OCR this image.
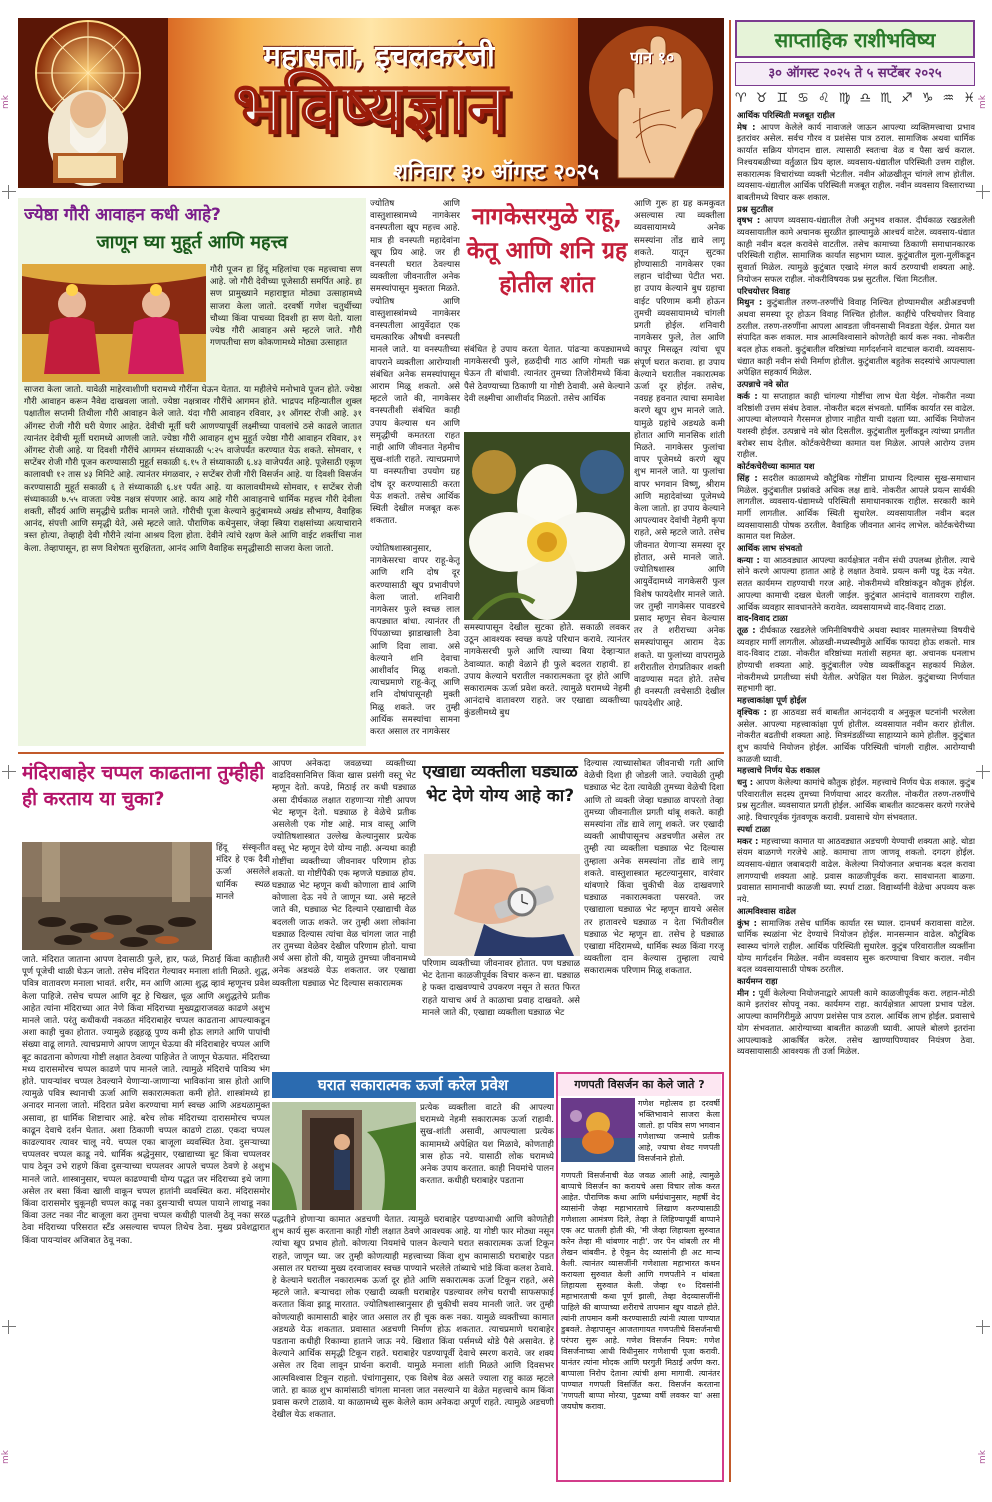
mk	mk
mk	mk
महासत्ता, इचलकरंजी	पान १०
भविष्यज्ञान
शनिवार ३० ऑगस्ट २०२५
साप्ताहिक राशीभविष्य
३० ऑगस्ट २०२५ ते ५ सप्टेंबर २०२५
♈ ♉ ♊ ♋ ♌ ♍ ♎ ♏ ♐ ♑ ♒ ♓
आर्थिक परिस्थिती मजबूत राहील
मेष : आपण केलेले कार्य नावाजले जाऊन आपल्या व्यक्तिमत्त्वाचा प्रभाव इतरांवर असेल. सर्वच गौरव व प्रशंसेस पात्र ठराल. सामाजिक अथवा धार्मिक कार्यात सक्रिय योगदान द्याल. त्यासाठी स्वतःचा वेळ व पैसा खर्च कराल. निश्चयबळीच्या वर्तुळात प्रिय व्हाल. व्यवसाय-धंद्यातील परिस्थिती उत्तम राहील. सकारात्मक विचारांच्या व्यक्ती भेटतील. नवीन ओळखीतून चांगले लाभ होतील. व्यवसाय-धंद्यातील आर्थिक परिस्थिती मजबूत राहील. नवीन व्यवसाय विस्ताराच्या बाबतीमध्ये विचार करू शकाल.
प्रश्न सुटतील
वृषभ : आपण व्यवसाय-धंद्यातील तेजी अनुभव शकाल. दीर्घकाळ रखडलेली व्यवसायातील कामे अचानक सुरळीत झाल्यामुळे आश्चर्य वाटेल. व्यवसाय-धंद्यात काही नवीन बदल करावेसे वाटतील. तसेच कामाच्या ठिकाणी समाधानकारक परिस्थिती राहील. सामाजिक कार्यात सहभाग घ्याल. कुटुंबातील मुला-मुलींकडून सुवार्ता मिळेल. त्यामुळे कुटुंबात एखादे मंगल कार्य ठरण्याची शक्यता आहे. नियोजन सफल राहील. नोकरीविषयक प्रश्न सुटतील. चिंता मिटतील.
परिचयोत्तर विवाह
मिथुन : कुटुंबातील तरुण-तरुणींचे विवाह निश्चित होण्यामधील अडीअडचणी अथवा समस्या दूर होऊन विवाह निश्चित होतील. काहींचे परिचयोत्तर विवाह ठरतील. तरुण-तरुणींना आपला आवडता जीवनसाथी निवडता येईल. प्रेमात यश संपादित करू शकाल. मात्र आत्मविश्वासाने कोणतेही कार्य करू नका. नोकरीत बदल होऊ शकतो. कुटुंबातील वरिष्ठांच्या मार्गदर्शनाने वाटचाल करावी. व्यवसाय-धंद्यात काही नवीन संधी निर्माण होतील. कुटुंबातील बहुतेक सदस्यांचे आपल्याला अपेक्षित सहकार्य मिळेल.
उत्पन्नाचे नवे स्रोत
कर्क : या सप्ताहात काही चांगल्या गोष्टींचा लाभ घेता येईल. नोकरीत नव्या वरिष्ठांशी उत्तम संबंध ठेवाल. नोकरीत बदल संभवतो. धार्मिक कार्यात रस वाढेल. आपल्या बोलण्याने गैरसमज होणार नाहीत याची दक्षता घ्या. आर्थिक नियोजन यशस्वी होईल. उत्पन्नाचे नवे स्रोत दिसतील. कुटुंबातील मुलींकडून त्यांच्या प्रगतीत बरोबर साथ देतील. कोर्टकचेरीच्या कामात यश मिळेल. आपले आरोग्य उत्तम राहील.
कोर्टकचेरीच्या कामात यश
सिंह : सदरील काळामध्ये कौटुंबिक गोष्टींना प्राधान्य दिल्यास सुख-समाधान मिळेल. कुटुंबातील प्रश्नांकडे अधिक लक्ष द्यावे. नोकरीत आपले प्रयत्न सार्थकी लागतील. व्यवसाय-धंद्यामध्ये परिस्थिती समाधानकारक राहील. सरकारी कामे मार्गी लागतील. आर्थिक स्थिती सुधारेल. व्यवसायातील नवीन बदल व्यवसायासाठी पोषक ठरतील. वैवाहिक जीवनात आनंद लाभेल. कोर्टकचेरीच्या कामात यश मिळेल.
आर्थिक लाभ संभवतो
कन्या : या आठवड्यात आपल्या कार्यक्षेत्रात नवीन संधी उपलब्ध होतील. त्याचे सोने करणे आपल्या हातात आहे हे लक्षात ठेवावे. प्रयत्न कमी पडू देऊ नयेत. सतत कार्यमग्न राहण्याची गरज आहे. नोकरीमध्ये वरिष्ठांकडून कौतुक होईल. आपल्या कामाची दखल घेतली जाईल. कुटुंबात आनंदाचे वातावरण राहील. आर्थिक व्यवहार सावधानतेने करावेत. व्यवसायामध्ये वाद-विवाद टाळा.
वाद-विवाद टाळा
तूळ : दीर्घकाळ रखडलेले जमिनीविषयीचे अथवा स्थावर मालमत्तेच्या विषयीचे व्यवहार मार्गी लागतील. ओळखी-मध्यस्थीमुळे आर्थिक फायदा होऊ शकतो. मात्र वाद-विवाद टाळा. नोकरीत वरिष्ठांच्या मतांशी सहमत व्हा. अचानक धनलाभ होण्याची शक्यता आहे. कुटुंबातील ज्येष्ठ व्यक्तींकडून सहकार्य मिळेल. नोकरीमध्ये प्रगतीच्या संधी येतील. अपेक्षित यश मिळेल. कुटुंबाच्या निर्णयात सहभागी व्हा.
महत्त्वाकांक्षा पूर्ण होईल
वृश्चिक : हा आठवडा सर्व बाबतीत आनंददायी व अनुकूल घटनांनी भरलेला असेल. आपल्या महत्त्वाकांक्षा पूर्ण होतील. व्यवसायात नवीन करार होतील. नोकरीत बढतीची शक्यता आहे. मित्रमंडळींच्या साहाय्याने कामे होतील. कुटुंबात शुभ कार्याचे नियोजन होईल. आर्थिक परिस्थिती चांगली राहील. आरोग्याची काळजी घ्यावी.
महत्त्वाचे निर्णय घेऊ शकाल
धनु : आपण केलेल्या कामांचे कौतुक होईल. महत्त्वाचे निर्णय घेऊ शकाल. कुटुंब परिवारातील सदस्य तुमच्या निर्णयाचा आदर करतील. नोकरीत तरुण-तरुणींचे प्रश्न सुटतील. व्यवसायात प्रगती होईल. आर्थिक बाबतीत काटकसर करणे गरजेचे आहे. विचारपूर्वक गुंतवणूक करावी. प्रवासाचे योग संभवतात.
स्पर्धा टाळा
मकर : महत्त्वाच्या कामात या आठवड्यात अडचणी येण्याची शक्यता आहे. थोडा संयम बाळगणे गरजेचे आहे. कामाचा ताण जाणवू शकतो. दगदग होईल. व्यवसाय-धंद्यात जबाबदारी वाढेल. केलेल्या नियोजनात अचानक बदल करावा लागण्याची शक्यता आहे. प्रवास काळजीपूर्वक करा. सावधानता बाळगा. प्रवासात सामानाची काळजी घ्या. स्पर्धा टाळा. विद्यार्थ्यांनी वेळेचा अपव्यय करू नये.
आत्मविश्वास वाढेल
कुंभ : सामाजिक तसेच धार्मिक कार्यात रस घ्याल. दानधर्म करावासा वाटेल. धार्मिक स्थळांना भेट देण्याचे नियोजन होईल. मानसन्मान वाढेल. कौटुंबिक स्वास्थ्य चांगले राहील. आर्थिक परिस्थिती सुधारेल. कुटुंब परिवारातील व्यक्तींना योग्य मार्गदर्शन मिळेल. नवीन व्यवसाय सुरू करण्याचा विचार कराल. नवीन बदल व्यवसायासाठी पोषक ठरतील.
कार्यमग्न राहा
मीन : पूर्वी केलेल्या नियोजनाद्वारे आपली कामे काळजीपूर्वक करा. लहान-मोठी कामे इतरांवर सोपवू नका. कार्यमग्न राहा. कार्यक्षेत्रात आपला प्रभाव पडेल. आपल्या कामगिरीमुळे आपण प्रशंसेस पात्र ठराल. आर्थिक लाभ होईल. प्रवासाचे योग संभवतात. आरोग्याच्या बाबतीत काळजी घ्यावी. आपले बोलणे इतरांना आपल्याकडे आकर्षित करेल. तसेच खाण्यापिण्यावर नियंत्रण ठेवा. व्यवसायासाठी आवश्यक ती उर्जा मिळेल.
ज्येष्ठा गौरी आवाहन कधी आहे?
जाणून घ्या मुहूर्त आणि महत्त्व
गौरी पूजन हा हिंदू महिलांचा एक महत्त्वाचा सण आहे. जो गौरी देवीच्या पूजेसाठी समर्पित आहे. हा सण प्रामुख्याने महाराष्ट्रात मोठ्या उत्साहामध्ये साजरा केला जातो. दरवर्षी गणेश चतुर्थीच्या चौथ्या किंवा पाचव्या दिवशी हा सण येतो. याला ज्येष्ठ गौरी आवाहन असे म्हटले जाते. गौरी गणपतीचा सण कोकणामध्ये मोठ्या उत्साहात
साजरा केला जातो. यावेळी माहेरवाशीणी घरामध्ये गौरींना घेऊन येतात. या महीलेचे मनोभावे पूजन होते. ज्येष्ठा गौरी आवाहन करून नैवेद्य दाखवला जातो. ज्येष्ठा नक्षत्रावर गौरींचे आगमन होते. भाद्रपद महिन्यातील शुक्ल पक्षातील सप्तमी तिथीला गौरी आवाहन केले जाते. यंदा गौरी आवाहन रविवार, ३१ ऑगस्ट रोजी आहे. ३१ ऑगस्ट रोजी गौरी घरी येणार आहेत. देवीची मूर्ती घरी आणण्यापूर्वी लक्ष्मीच्या पावलांचे ठसे काढले जातात त्यानंतर देवीची मूर्ती घरामध्ये आणली जाते. ज्येष्ठा गौरी आवाहन शुभ मुहूर्त ज्येष्ठा गौरी आवाहन रविवार, ३१ ऑगस्ट रोजी आहे. या दिवशी गौरींचे आगमन संध्याकाळी ५:२५ वाजेपर्यंत करण्यात येऊ शकते. सोमवार, १ सप्टेंबर रोजी गौरी पूजन करण्यासाठी मुहूर्त सकाळी ६.१५ ते संध्याकाळी ६.४३ वाजेपर्यंत आहे. पूजेसाठी एकूण कालावधी १२ तास ४३ मिनिटे आहे. त्यानंतर मंगळवार, २ सप्टेंबर रोजी गौरी विसर्जन आहे. या दिवशी विसर्जन करण्यासाठी मुहूर्त सकाळी ६ ते संध्याकाळी ६.४१ पर्यंत आहे. या कालावधीमध्ये सोमवार, १ सप्टेंबर रोजी संध्याकाळी ७.५५ वाजता ज्येष्ठ नक्षत्र संपणार आहे. काय आहे गौरी आवाहनाचे धार्मिक महत्त्व गौरी देवीला शक्ती, सौंदर्य आणि समृद्धीचे प्रतीक मानले जाते. गौरीची पूजा केल्याने कुटुंबामध्ये अखंड सौभाग्य, वैवाहिक आनंद, संपत्ती आणि समृद्धी येते, असे म्हटले जाते. पौराणिक कथेनुसार, जेव्हा स्त्रिया राक्षसांच्या अत्याचाराने त्रस्त होत्या, तेव्हाही देवी गौरीने त्यांना आश्रय दिला होता. देवीने त्यांचे रक्षण केले आणि वाईट शक्तींचा नाश केला. तेव्हापासून, हा सण विशेषतः सुरक्षितता, आनंद आणि वैवाहिक समृद्धीसाठी साजरा केला जातो.
ज्योतिष आणि वास्तुशास्त्रामध्ये नागकेसर वनस्पतीला खूप महत्त्व आहे. मात्र ही वनस्पती महादेवांना खूप प्रिय आहे. जर ही वनस्पती घरात ठेवल्यास व्यक्तीला जीवनातील अनेक समस्यांपासून मुक्तता मिळते. ज्योतिष आणि वास्तुशास्त्रांमध्ये नागकेसर वनस्पतीला आयुर्वेदात एक चमत्कारिक औषधी वनस्पती मानले जाते. या वनस्पतीच्या वापराने व्यक्तीला आरोग्याशी संबंधित अनेक समस्यांपासून आराम मिळू शकतो. असे म्हटले जाते की, नागकेसर वनस्पतीशी संबंधित काही उपाय केल्यास धन आणि समृद्धीची कमतरता राहत नाही आणि जीवनात नेहमीच सुख-शांती राहते. त्याचप्रमाणे या वनस्पतीचा उपयोग ग्रह दोष दूर करण्यासाठी करता येऊ शकतो. तसेच आर्थिक स्थिती देखील मजबूत करू शकतात.
ज्योतिषशास्त्रानुसार, नागकेसरचा वापर राहू-केतू आणि शनि दोष दूर करण्यासाठी खूप प्रभावीपणे केला जातो. शनिवारी नागकेसर फुले स्वच्छ लाल कपड्यात बांधा. त्यानंतर ती पिंपळाच्या झाडाखाली ठेवा आणि दिवा लावा. असे केल्याने शनि देवाचा आशीर्वाद मिळू शकतो. त्याचप्रमाणे राहू-केतू आणि शनि दोषांपासूनही मुक्ती मिळू शकते. जर तुम्ही आर्थिक समस्यांचा सामना करत असाल तर नागकेसर
नागकेसरमुळे राहू, केतू आणि शनि ग्रह होतील शांत
संबंधित हे उपाय करता येतात. पांढऱ्या कपड्यामध्ये नागकेसरची फुले, हळदीची गाठ आणि गोमती चक्र घेऊन ती बांधावी. त्यानंतर तुमच्या तिजोरीमध्ये किंवा पैसे ठेवण्याच्या ठिकाणी या गोष्टी ठेवावी. असे केल्याने देवी लक्ष्मीचा आशीर्वाद मिळतो. तसेच आर्थिक
समस्यापासून देखील सुटका होते. सकाळी लवकर उठून आवश्यक स्वच्छ कपडे परिधान करावे. त्यानंतर नागकेसरची फुले आणि त्याच्या बिया देव्हाऱ्यात ठेवाव्यात. काही वेळाने ही फुले बदलत राहावी. हा उपाय केल्याने घरातील नकारात्मकता दूर होते आणि सकारात्मक ऊर्जा प्रवेश करते. त्यामुळे घरामध्ये नेहमी आनंदाचे वातावरण राहते. जर एखाद्या व्यक्तीच्या कुंडलीमध्ये बुध
आणि गुरू हा ग्रह कमकुवत असल्यास त्या व्यक्तीला व्यवसायामध्ये अनेक समस्यांना तोंड द्यावे लागू शकते. यातून सुटका होण्यासाठी नागकेसर एका लहान चांदीच्या पेटीत भरा. हा उपाय केल्याने बुध ग्रहाचा वाईट परिणाम कमी होऊन तुमची व्यवसायामध्ये चांगली प्रगती होईल. शनिवारी नागकेसर फुले, तेल आणि कापूर मिसळून त्यांचा धूप संपूर्ण घरात करावा. हा उपाय केल्याने घरातील नकारात्मक ऊर्जा दूर होईल. तसेच, नवग्रह हवनात त्याचा समावेश करणे खूप शुभ मानले जाते. यामुळे ग्रहांचे अडथळे कमी होतात आणि मानसिक शांती मिळते. नागकेसर फुलांचा वापर पूजेमध्ये करणे खूप शुभ मानले जाते. या फुलांचा वापर भगवान विष्णू, श्रीराम आणि महादेवांच्या पूजेमध्ये केला जातो. हा उपाय केल्याने आपल्यावर देवांची नेहमी कृपा राहते, असे म्हटले जाते. तसेच जीवनात येणाऱ्या समस्या दूर होतात, असे मानले जाते. ज्योतिषशास्त्र आणि आयुर्वेदामध्ये नागकेसरी फुल विशेष फायदेशीर मानले जाते. जर तुम्ही नागकेसर पावडरचे प्रसाद म्हणून सेवन केल्यास तर ते शरीराच्या अनेक समस्यांपासून आराम देऊ शकते. या फुलांच्या वापरामुळे शरीरातील रोगप्रतिकार शक्ती वाढण्यास मदत होते. तसेच ही वनस्पती त्वचेसाठी देखील फायदेशीर आहे.
मंदिराबाहेर चप्पल काढताना तुम्हीही ही करताय या चुका?
हिंदू संस्कृतीत मंदिर हे एक दैवी ऊर्जा असलेले धार्मिक स्थळ मानले
जाते. मंदिरात जाताना आपण देवासाठी फुले, हार, फळं, मिठाई किंवा काहीतरी पूर्ण पूजेची थाळी घेऊन जातो. तसेच मंदिरात गेल्यावर मनाला शांती मिळते. शुद्ध, पवित्र वातावरण मनाला भावतं. शरीर, मन आणि आत्मा शुद्ध व्हावं म्हणूनच प्रवेश केला पाहिजे. तसेच चप्पल आणि बूट हे चिखल, धूळ आणि अशुद्धतेचे प्रतीक आहेत त्यांना मंदिराच्या आत नेणे किंवा मंदिराच्या मुख्यद्वाराजवळ काढणे अशुभ मानले जाते. परंतु कधीकधी नकळत मंदिराबाहेर चप्पल काढताना आपल्याकडून अशा काही चुका होतात. ज्यामुळे हळूहळू पुण्य कमी होऊ लागते आणि पापांची संख्या वाढू लागते. त्याचप्रमाणे आपण जाणून घेऊया की मंदिराबाहेर चप्पल आणि बूट काढताना कोणत्या गोष्टी लक्षात ठेवल्या पाहिजेत ते जाणून घेऊयात. मंदिराच्या मध्य दारासमोरच चप्पल काढणे पाप मानले जाते. त्यामुळे मंदिराचे पावित्र्य भंग होते. पायऱ्यांवर चप्पल ठेवल्याने येणाऱ्या-जाणाऱ्या भाविकांना त्रास होतो आणि त्यामुळे पवित्र स्थानाची ऊर्जा आणि सकारात्मकता कमी होते. शास्त्रांमध्ये हा अनादर मानला जातो. मंदिरात प्रवेश करण्याचा मार्ग स्वच्छ आणि अडथळामुक्त असावा, हा धार्मिक शिष्टाचार आहे. बरेच लोक मंदिराच्या दारासमोरच चप्पल काढून देवाचे दर्शन घेतात. अशा ठिकाणी चप्पल काढणे टाळा. एकदा चप्पल काढल्यावर त्यावर चालू नये. चप्पल एका बाजूला व्यवस्थित ठेवा. दुसऱ्याच्या चप्पलवर चप्पल काढू नये. धार्मिक श्रद्धेनुसार, एखाद्याच्या बूट किंवा चप्पलवर पाय ठेवून उभे राहणे किंवा दुसऱ्याच्या चप्पलवर आपले चप्पल ठेवणे हे अशुभ मानले जाते. शास्त्रानुसार, चप्पल काढण्याची योग्य पद्धत जर मंदिराच्या इथे जागा असेल तर बसा किंवा खाली वाकून चप्पल हातांनी व्यवस्थित करा. मंदिरासमोर किंवा दारासमोर चुकूनही चप्पल काढू नका दुसऱ्याची चप्पल पायाने लाथाडू नका किंवा उलट नका नीट बाजूला करा तुमचा चप्पल कधीही पालथी ठेवू नका सरळ ठेवा मंदिराच्या परिसरात स्टँड असल्यास चप्पल तिथेच ठेवा. मुख्य प्रवेशद्वारात किंवा पायऱ्यांवर अजिबात ठेवू नका.
आपण अनेकदा जवळच्या व्यक्तीच्या वाढदिवसानिमित्त किंवा खास प्रसंगी वस्तू भेट म्हणून देतो. कपडे, मिठाई तर कधी घड्याळ असा दीर्घकाळ लक्षात राहणाऱ्या गोष्टी आपण भेट म्हणून देतो. घड्याळ हे वेळेचे प्रतीक असलेली एक गोष्ट आहे. मात्र वास्तू आणि ज्योतिषशास्त्रात उल्लेख केल्यानुसार प्रत्येक वस्तू भेट म्हणून देणे योग्य नाही. अन्यथा काही गोष्टींचा व्यक्तीच्या जीवनावर परिणाम होऊ शकतो. या गोष्टींपैकी एक म्हणजे घड्याळ होय. घड्याळ भेट म्हणून कधी कोणाला द्यावं आणि कोणाला देऊ नये ते जाणून घ्या. असे म्हटले जाते की, घड्याळ भेट दिल्याने एखाद्याची वेळ बदलली जाऊ शकते. जर तुम्ही अशा लोकांना घड्याळ दिल्यास त्यांचा वेळ चांगला जात नाही तर तुमच्या वेळेवर देखील परिणाम होतो. याचा अर्थ असा होतो की, यामुळे तुमच्या जीवनामध्ये अनेक अडथळे येऊ शकतात. जर एखाद्या व्यक्तीला घड्याळ भेट दिल्यास सकारात्मक
एखाद्या व्यक्तीला घड्याळ भेट देणे योग्य आहे का?
परिणाम व्यक्तीच्या जीवनावर होतात. पण घड्याळ भेट देताना काळजीपूर्वक विचार करून द्या. घड्याळ हे फक्त दाखवण्याचे उपकरण नसून ते सतत फिरत राहते याचाच अर्थ ते काळाचा प्रवाह दाखवते. असे मानले जाते की, एखाद्या व्यक्तीला घड्याळ भेट
दिल्यास त्याच्यासोबत जीवनाची गती आणि वेळेची दिशा ही जोडली जाते. ज्यावेळी तुम्ही घड्याळ भेट देता त्यावेळी तुमच्या वेळेची दिशा आणि तो व्यक्ती जेव्हा घड्याळ वापरतो तेव्हा तुमच्या जीवनातील प्रगती थांबू शकते. काही समस्यांना तोंड द्यावे लागू शकते. जर एखादी व्यक्ती आधीपासूनच अडचणीत असेल तर तुम्ही त्या व्यक्तीला घड्याळ भेट दिल्यास तुम्हाला अनेक समस्यांना तोंड द्यावे लागू शकते. वास्तुशास्त्रात म्हटल्यानुसार, वारंवार थांबणारे किंवा चुकीची वेळ दाखवणारे घड्याळ नकारात्मकता पसरवते. जर एखाद्याला घड्याळ भेट म्हणून द्यायचे असेल तर हातावरचे घड्याळ न देता भिंतीवरील घड्याळ भेट म्हणून द्या. तसेच हे घड्याळ एखाद्या मंदिरामध्ये, धार्मिक स्थळ किंवा गरजू व्यक्तीला दान केल्यास तुम्हाला त्याचे सकारात्मक परिणाम मिळू शकतात.
घरात सकारात्मक ऊर्जा करेल प्रवेश
प्रत्येक व्यक्तीला वाटते की आपल्या घरामध्ये नेहमी सकारात्मक ऊर्जा राहावी. सुख-शांती असावी, आपल्याला प्रत्येक कामामध्ये अपेक्षित यश मिळावे, कोणताही त्रास होऊ नये. यासाठी लोक घरामध्ये अनेक उपाय करतात. काही नियमांचे पालन करतात. कधीही घराबाहेर पडताना
पद्धतीने होणाऱ्या कामात अडचणी येतात. त्यामुळे घराबाहेर पडण्याआधी आणि कोणतेही शुभ कार्य सुरू करताना काही गोष्टी लक्षात ठेवणे आवश्यक आहे. या गोष्टी फार मोठ्या नसून त्यांचा खूप प्रभाव होतो. कोणत्या नियमांचे पालन केल्याने घरात सकारात्मक ऊर्जा टिकून राहते, जाणून घ्या. जर तुम्ही कोणत्याही महत्त्वाच्या किंवा शुभ कामासाठी घराबाहेर पडत असाल तर घराच्या मुख्य दरवाजावर स्वच्छ पाण्याने भरलेले तांब्याचे भांडे किंवा कलश ठेवावे. हे केल्याने घरातील नकारात्मक ऊर्जा दूर होते आणि सकारात्मक ऊर्जा टिकून राहते, असे म्हटले जाते. बऱ्याचदा लोक एखादी व्यक्ती घराबाहेर पडल्यावर लगेच घराची साफसफाई करतात किंवा झाडू मारतात. ज्योतिषशास्त्रानुसार ही चुकीची सवय मानली जाते. जर तुम्ही कोणत्याही कामासाठी बाहेर जात असाल तर ही चूक करू नका. यामुळे व्यक्तीच्या कामात अडथळे येऊ शकतात. प्रवासात अडचणी निर्माण होऊ शकतात. त्याचप्रमाणे घराबाहेर पडताना कधीही रिकाम्या हाताने जाऊ नये. खिशात किंवा पर्समध्ये थोडे पैसे असावेत. हे केल्याने आर्थिक समृद्धी टिकून राहते. घराबाहेर पडण्यापूर्वी देवाचे स्मरण करावे. जर शक्य असेल तर दिवा लावून प्रार्थना करावी. यामुळे मनाला शांती मिळते आणि दिवसभर आत्मविश्वास टिकून राहतो. पंचांगानुसार, एक विशेष वेळ असते ज्याला राहू काळ म्हटले जाते. हा काळ शुभ कामांसाठी चांगला मानला जात नसल्याने या वेळेत महत्त्वाचे काम किंवा प्रवास करणे टाळावे. या काळामध्ये सुरू केलेले काम अनेकदा अपूर्ण राहते. त्यामुळे अडचणी देखील येऊ शकतात.
गणपती विसर्जन का केले जाते ?
गणेश महोत्सव हा दरवर्षी भक्तिभावाने साजरा केला जातो. हा पवित्र सण भगवान गणेशाच्या जन्माचे प्रतीक आहे, ज्याचा शेवट गणपती विसर्जनाने होतो.
गणपती विसर्जनाची वेळ जवळ आली आहे, त्यामुळे बाप्पाचे विसर्जन का करायचे असा विचार लोक करत आहेत. पौराणिक कथा आणि धर्मग्रंथानुसार, महर्षी वेद व्यासांनी जेव्हा महाभारताचे लिखाण करण्यासाठी गणेशाला आमंत्रण दिले, तेव्हा ते लिहिण्यापूर्वी बाप्पाने एक अट घातली होती की, 'मी जेव्हा लिहायला सुरुवात करेन तेव्हा मी थांबणार नाही'. जर पेन थांबली तर मी लेखन थांबवीन. हे ऐकून वेद व्यासांनी ही अट मान्य केली. त्यानंतर व्यासजींनी गणेशाला महाभारत कथन करायला सुरुवात केली आणि गणपतीने न थांबता लिहायला सुरुवात केली. जेव्हा १० दिवसांनी महाभारताची कथा पूर्ण झाली, तेव्हा वेदव्यासजींनी पाहिले की बाप्पाच्या शरीराचे तापमान खूप वाढले होते. त्यांनी तापमान कमी करण्यासाठी त्यांनी त्याला पाण्यात डुबवले. तेव्हापासून आजतागायत गणपतीचे विसर्जनाची परंपरा सुरू आहे. गणेश विसर्जन नियम: गणेश विसर्जनाच्या आधी विधीनुसार गणेशाची पूजा करावी. यानंतर त्यांना मोदक आणि घरगुती मिठाई अर्पण करा. बाप्पाला निरोप देताना त्यांची क्षमा मागावी. त्यानंतर पाण्यात गणपती विसर्जित करा. विसर्जन करताना 'गणपती बाप्पा मोरया, पुढच्या वर्षी लवकर या' असा जयघोष करावा.
